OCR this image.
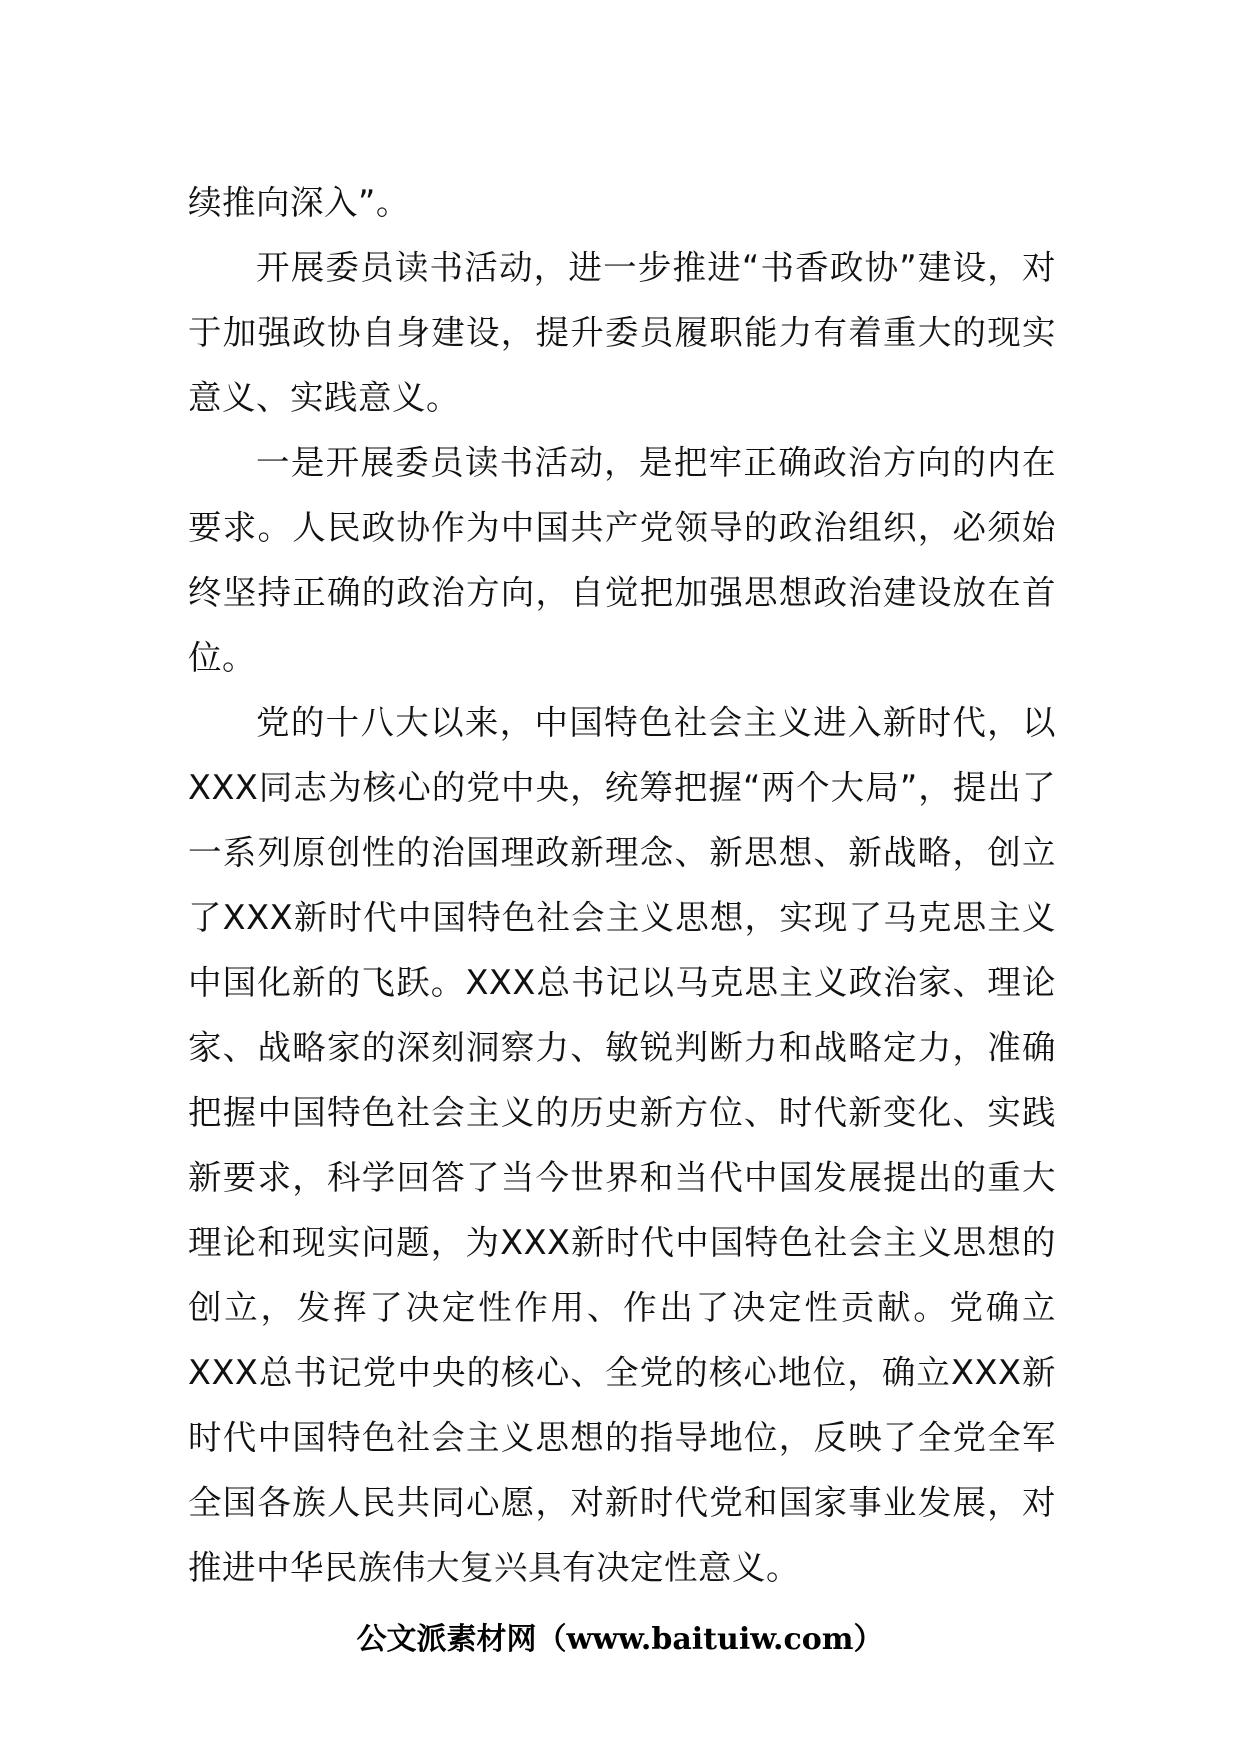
续推向深入”。

开展委员读书活动，进一步推进“书香政协”建设，对于加强政协自身建设，提升委员履职能力有着重大的现实意义、实践意义。

一是开展委员读书活动，是把牢正确政治方向的内在要求。人民政协作为中国共产党领导的政治组织，必须始终坚持正确的政治方向，自觉把加强思想政治建设放在首位。

党的十八大以来，中国特色社会主义进入新时代，以XXX同志为核心的党中央，统筹把握“两个大局”，提出了一系列原创性的治国理政新理念、新思想、新战略，创立了XXX新时代中国特色社会主义思想，实现了马克思主义中国化新的飞跃。XXX总书记以马克思主义政治家、理论家、战略家的深刻洞察力、敏锐判断力和战略定力，准确把握中国特色社会主义的历史新方位、时代新变化、实践新要求，科学回答了当今世界和当代中国发展提出的重大理论和现实问题，为XXX新时代中国特色社会主义思想的创立，发挥了决定性作用、作出了决定性贡献。党确立XXX总书记党中央的核心、全党的核心地位，确立XXX新时代中国特色社会主义思想的指导地位，反映了全党全军全国各族人民共同心愿，对新时代党和国家事业发展，对推进中华民族伟大复兴具有决定性意义。

公文派素材网（www.baituiw.com）
